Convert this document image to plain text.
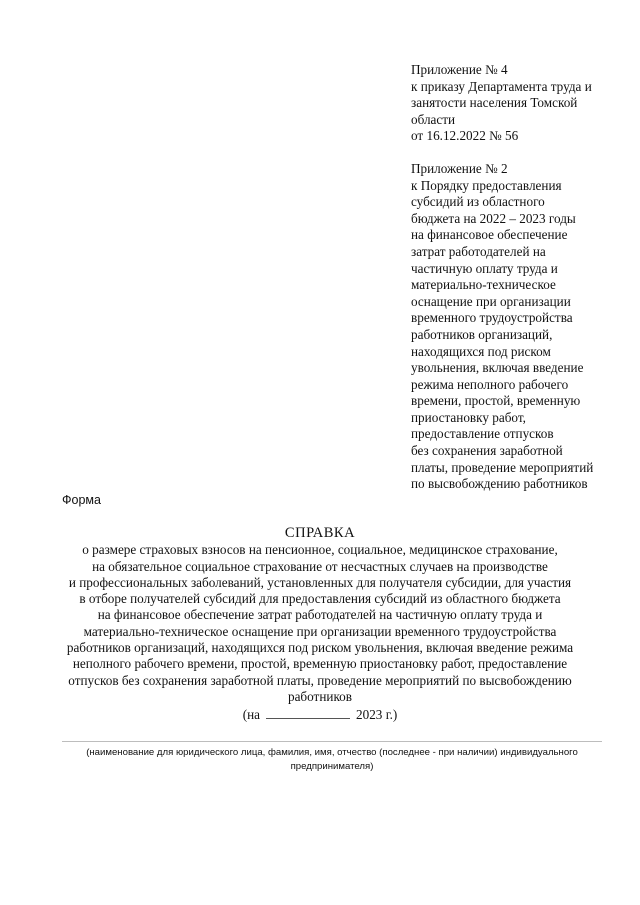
Приложение № 4
к приказу Департамента труда и
занятости населения Томской
области
от 16.12.2022 № 56
Приложение № 2
к Порядку предоставления
субсидий из областного
бюджета на 2022 – 2023 годы
на финансовое обеспечение
затрат работодателей на
частичную оплату труда и
материально-техническое
оснащение при организации
временного трудоустройства
работников организаций,
находящихся под риском
увольнения, включая введение
режима неполного рабочего
времени, простой, временную
приостановку работ,
предоставление отпусков
без сохранения заработной
платы, проведение мероприятий
по высвобождению работников
Форма
СПРАВКА
о размере страховых взносов на пенсионное, социальное, медицинское страхование,
на обязательное социальное страхование от несчастных случаев на производстве
и профессиональных заболеваний, установленных для получателя субсидии, для участия
в отборе получателей субсидий для предоставления субсидий из областного бюджета
на финансовое обеспечение затрат работодателей на частичную оплату труда и
материально-техническое оснащение при организации временного трудоустройства
работников организаций, находящихся под риском увольнения, включая введение режима
неполного рабочего времени, простой, временную приостановку работ, предоставление
отпусков без сохранения заработной платы, проведение мероприятий по высвобождению
работников
(на	2023 г.)
(наименование для юридического лица, фамилия, имя, отчество (последнее - при наличии) индивидуального
предпринимателя)
